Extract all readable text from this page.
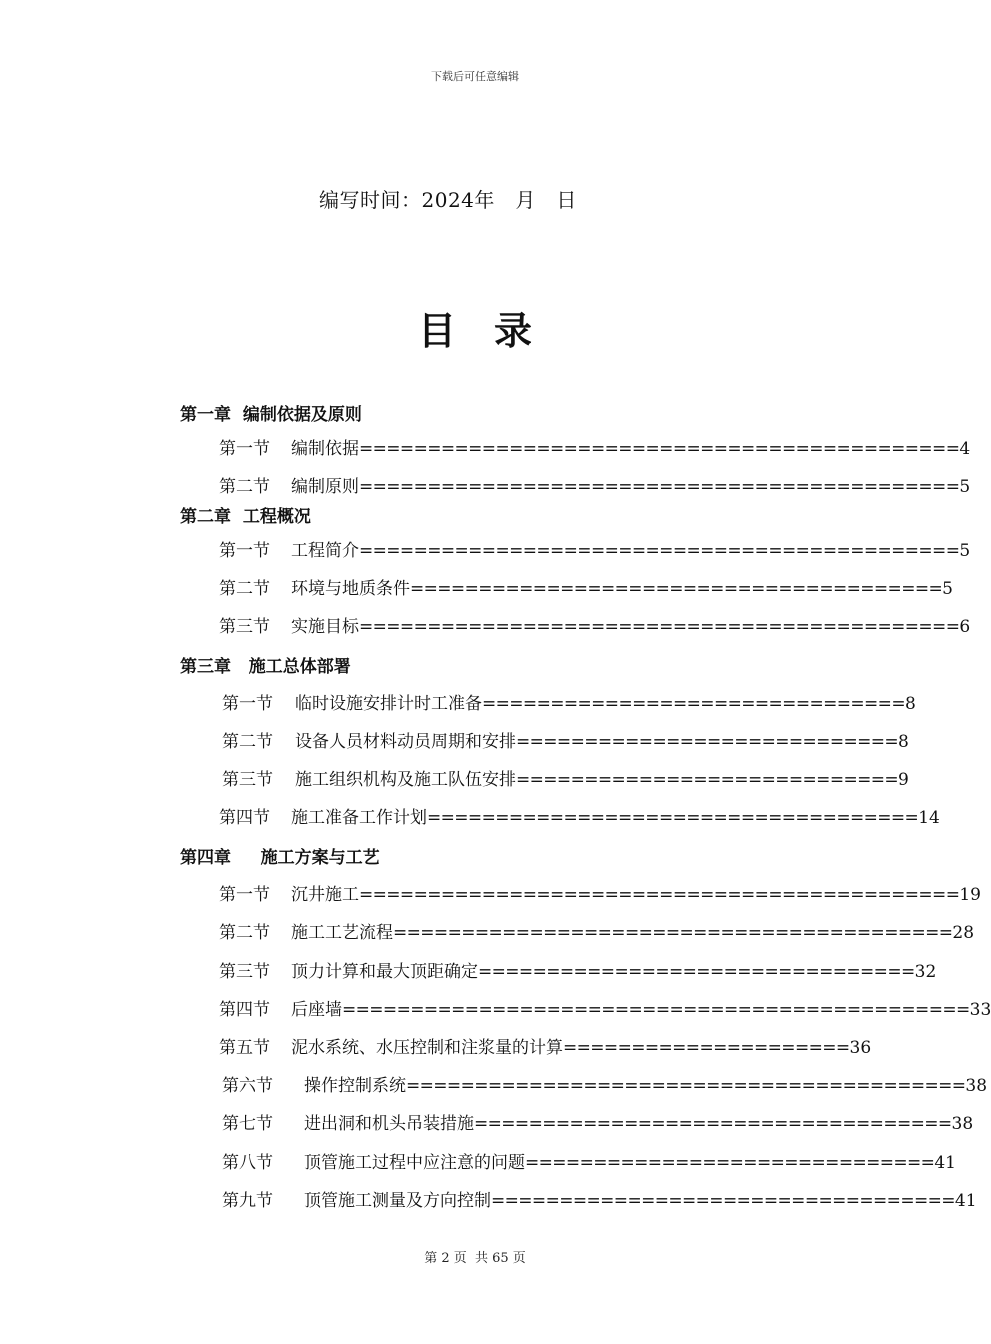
下载后可任意编辑
编写时间：2024年　月　日
目　录
第一章  编制依据及原则
第二章  工程概况
第三章   施工总体部署
第四章     施工方案与工艺
第一节 编制依据============================================4
第二节 编制原则============================================5
第一节 工程简介============================================5
第二节 环境与地质条件=======================================5
第三节 实施目标============================================6
第一节 临时设施安排计时工准备===============================8
第二节 设备人员材料动员周期和安排============================8
第三节 施工组织机构及施工队伍安排============================9
第四节 施工准备工作计划====================================14
第一节 沉井施工============================================19
第二节 施工工艺流程=========================================28
第三节 顶力计算和最大顶距确定================================32
第四节 后座墙==============================================33
第五节 泥水系统、水压控制和注浆量的计算=====================36
第六节 操作控制系统=========================================38
第七节 进出洞和机头吊装措施===================================38
第八节 顶管施工过程中应注意的问题==============================41
第九节 顶管施工测量及方向控制==================================41
第 2 页  共 65 页
